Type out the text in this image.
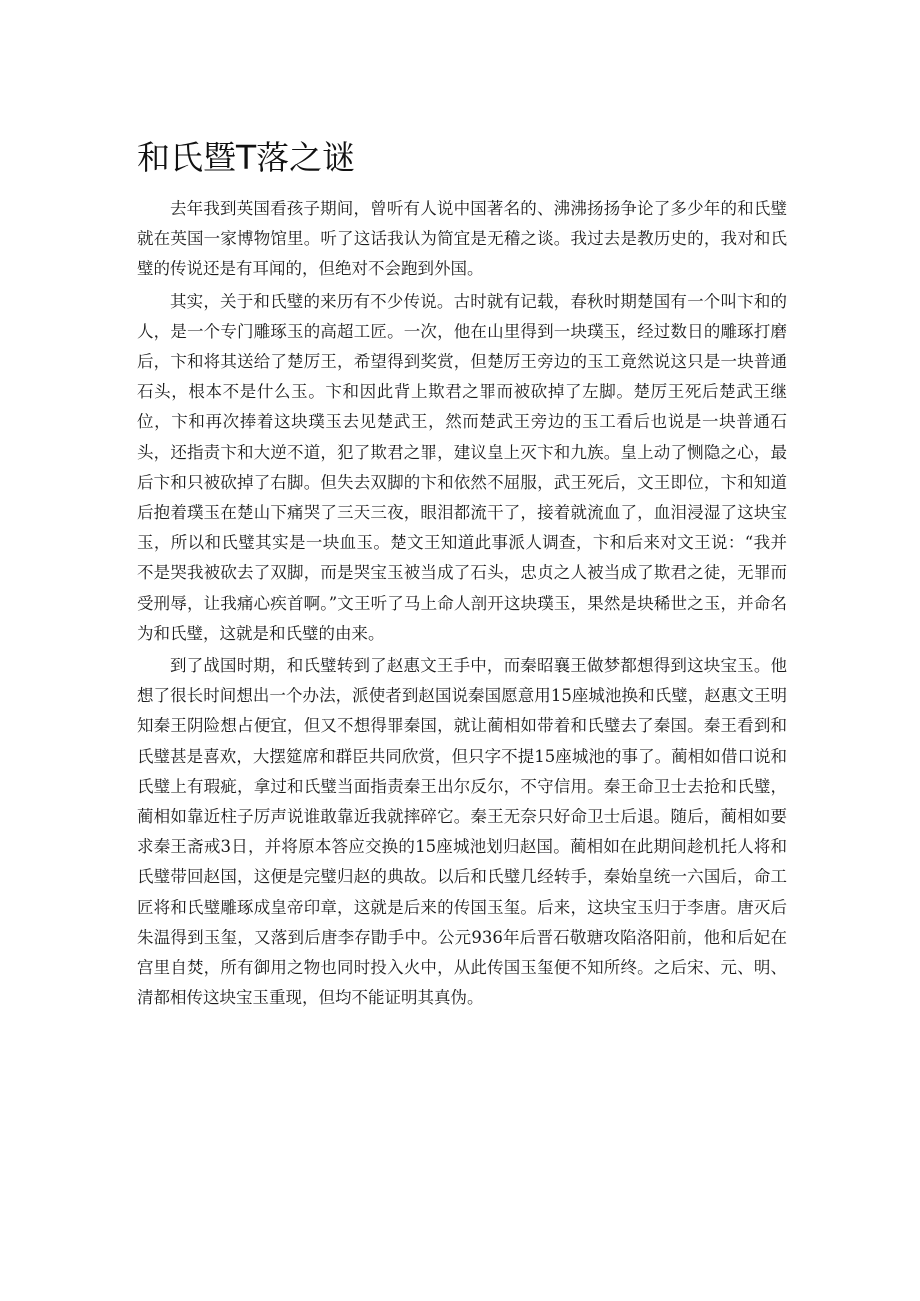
和氏暨T落之谜

去年我到英国看孩子期间，曾听有人说中国著名的、沸沸扬扬争论了多少年的和氏璧就在英国一家博物馆里。听了这话我认为简宜是无稽之谈。我过去是教历史的，我对和氏璧的传说还是有耳闻的，但绝对不会跑到外国。

其实，关于和氏璧的来历有不少传说。古时就有记载，春秋时期楚国有一个叫卞和的人，是一个专门雕琢玉的高超工匠。一次，他在山里得到一块璞玉，经过数日的雕琢打磨后，卞和将其送给了楚厉王，希望得到奖赏，但楚厉王旁边的玉工竟然说这只是一块普通石头，根本不是什么玉。卞和因此背上欺君之罪而被砍掉了左脚。楚厉王死后楚武王继位，卞和再次捧着这块璞玉去见楚武王，然而楚武王旁边的玉工看后也说是一块普通石头，还指责卞和大逆不道，犯了欺君之罪，建议皇上灭卞和九族。皇上动了恻隐之心，最后卞和只被砍掉了右脚。但失去双脚的卞和依然不屈服，武王死后，文王即位，卞和知道后抱着璞玉在楚山下痛哭了三天三夜，眼泪都流干了，接着就流血了，血泪浸湿了这块宝玉，所以和氏璧其实是一块血玉。楚文王知道此事派人调查，卞和后来对文王说：“我并不是哭我被砍去了双脚，而是哭宝玉被当成了石头，忠贞之人被当成了欺君之徒，无罪而受刑辱，让我痛心疾首啊。”文王听了马上命人剖开这块璞玉，果然是块稀世之玉，并命名为和氏璧，这就是和氏璧的由来。

到了战国时期，和氏璧转到了赵惠文王手中，而秦昭襄王做梦都想得到这块宝玉。他想了很长时间想出一个办法，派使者到赵国说秦国愿意用15座城池换和氏璧，赵惠文王明知秦王阴险想占便宜，但又不想得罪秦国，就让蔺相如带着和氏璧去了秦国。秦王看到和氏璧甚是喜欢，大摆筵席和群臣共同欣赏，但只字不提15座城池的事了。蔺相如借口说和氏璧上有瑕疵，拿过和氏璧当面指责秦王出尔反尔，不守信用。秦王命卫士去抢和氏璧，蔺相如靠近柱子厉声说谁敢靠近我就摔碎它。秦王无奈只好命卫士后退。随后，蔺相如要求秦王斋戒3日，并将原本答应交换的15座城池划归赵国。蔺相如在此期间趁机托人将和氏璧带回赵国，这便是完璧归赵的典故。以后和氏璧几经转手，秦始皇统一六国后，命工匠将和氏璧雕琢成皇帝印章，这就是后来的传国玉玺。后来，这块宝玉归于李唐。唐灭后朱温得到玉玺，又落到后唐李存勖手中。公元936年后晋石敬瑭攻陷洛阳前，他和后妃在宫里自焚，所有御用之物也同时投入火中，从此传国玉玺便不知所终。之后宋、元、明、清都相传这块宝玉重现，但均不能证明其真伪。
